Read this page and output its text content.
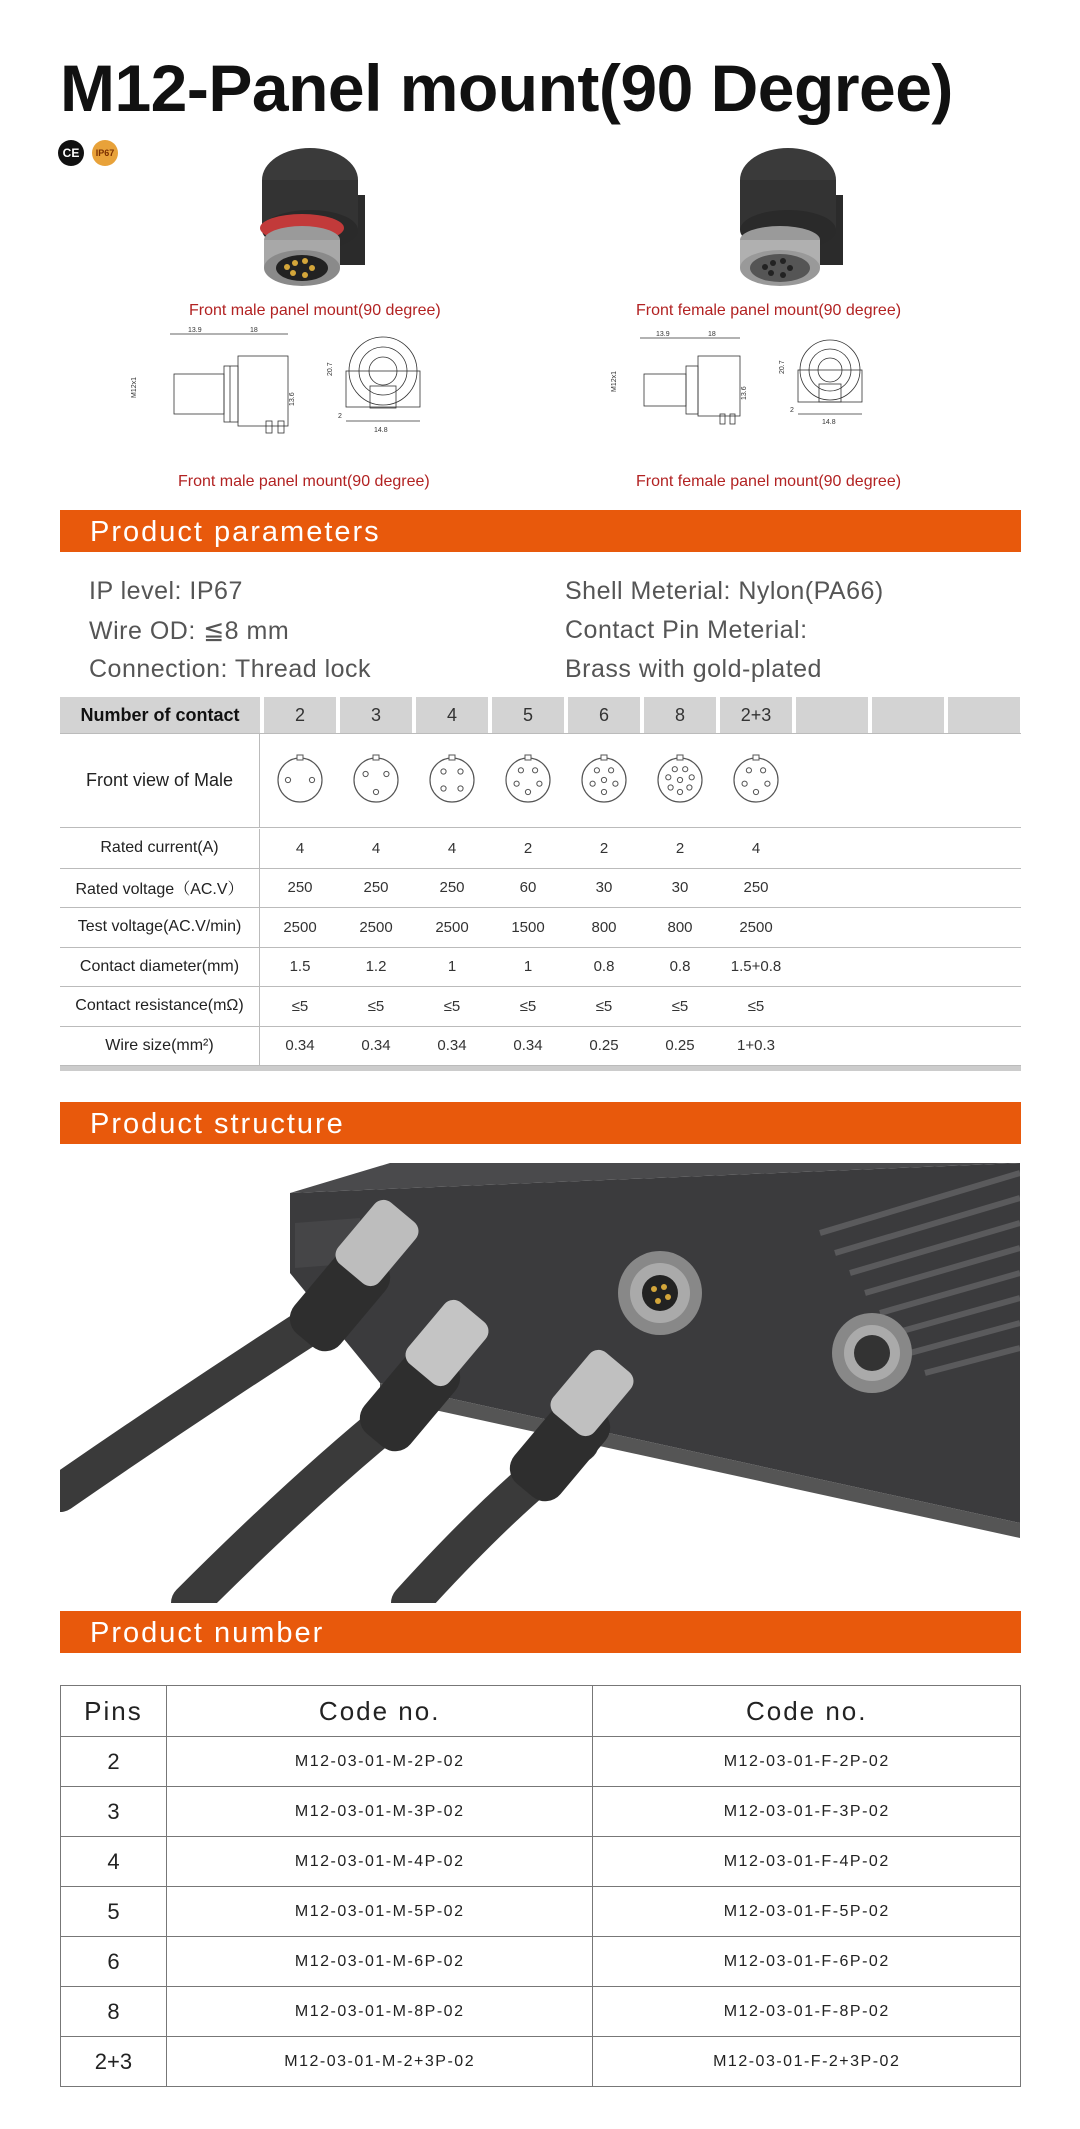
M12-Panel mount(90 Degree)
CE	IP67
Front male panel mount(90 degree)	Front female panel mount(90 degree)
13.9	18
M12x1
13.6
20.7
14.8
2
Front male panel mount(90 degree)
13.9	18
M12x1
13.6
20.7
14.8
2
Front female panel mount(90 degree)
Product parameters
IP level: IP67
Wire OD: ≦8 mm
Connection: Thread lock
Shell Meterial: Nylon(PA66)
Contact Pin Meterial:
Brass with gold-plated
Number of contact	2	3	4	5	6	8	2+3
Front view of Male
Rated current(A)	4	4	4	2	2	2	4
Rated voltage（AC.V）	250	250	250	60	30	30	250
Test voltage(AC.V/min)	2500	2500	2500	1500	800	800	2500
Contact diameter(mm)	1.5	1.2	1	1	0.8	0.8	1.5+0.8
Contact resistance(mΩ)	≤5	≤5	≤5	≤5	≤5	≤5	≤5
Wire size(mm²)	0.34	0.34	0.34	0.34	0.25	0.25	1+0.3
Product structure
Product number
Pins	Code no.	Code no.
2	M12-03-01-M-2P-02	M12-03-01-F-2P-02
3	M12-03-01-M-3P-02	M12-03-01-F-3P-02
4	M12-03-01-M-4P-02	M12-03-01-F-4P-02
5	M12-03-01-M-5P-02	M12-03-01-F-5P-02
6	M12-03-01-M-6P-02	M12-03-01-F-6P-02
8	M12-03-01-M-8P-02	M12-03-01-F-8P-02
2+3	M12-03-01-M-2+3P-02	M12-03-01-F-2+3P-02
